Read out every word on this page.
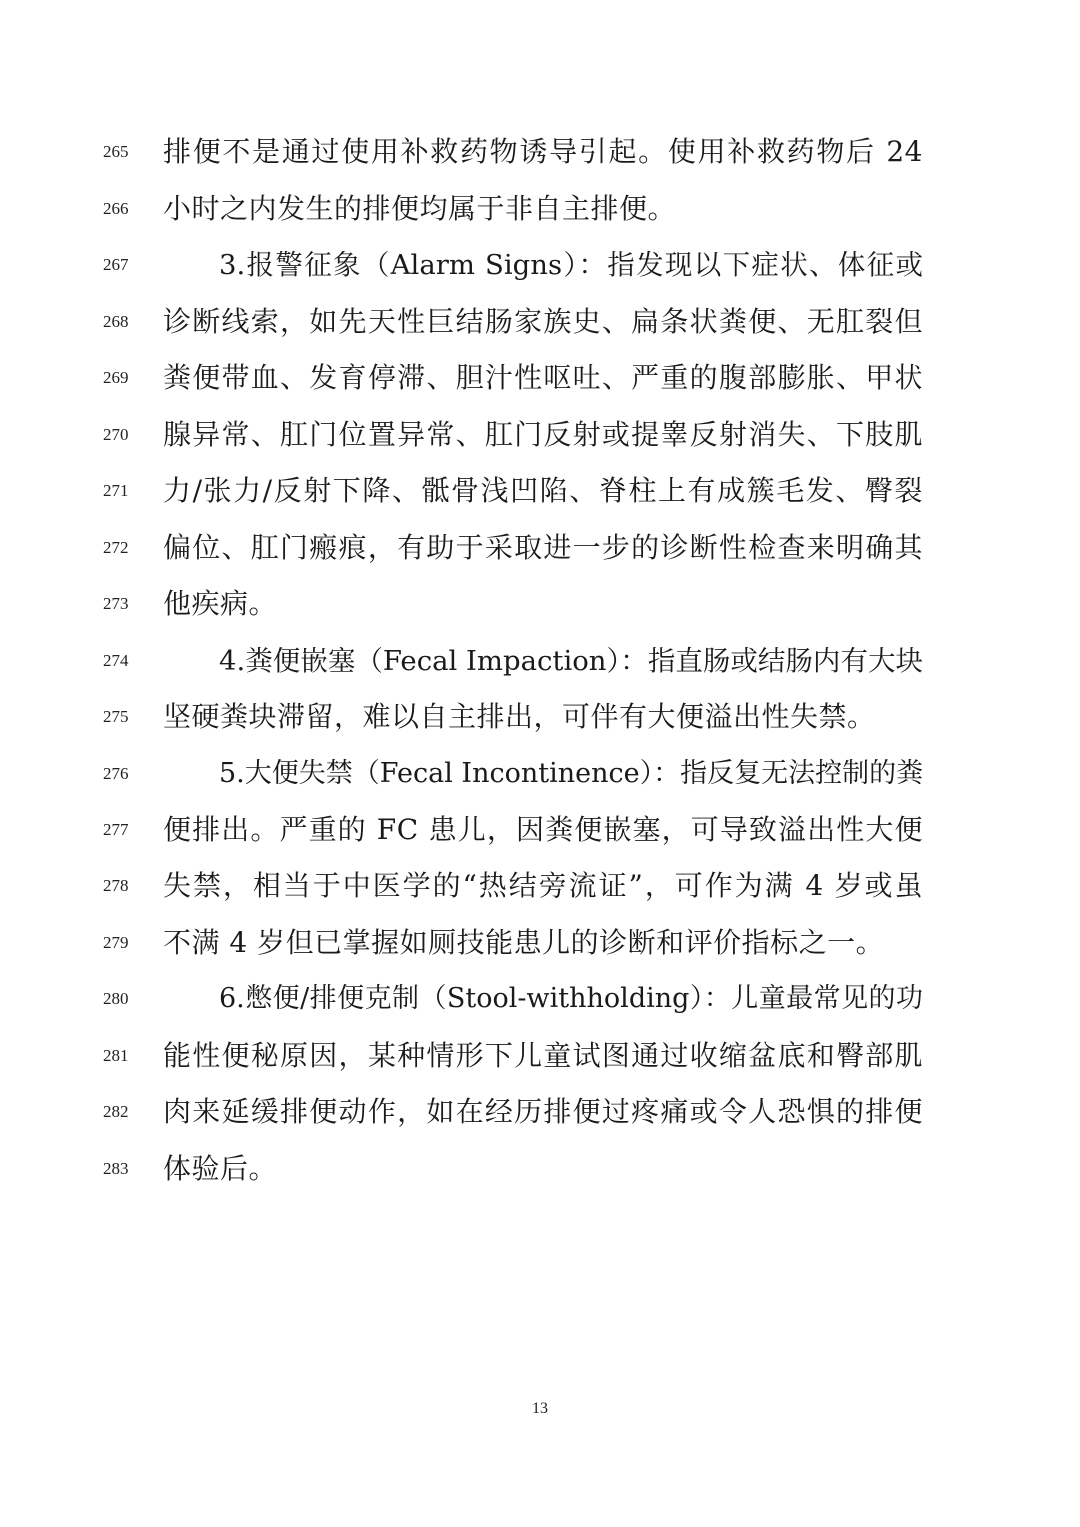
265	排便不是通过使用补救药物诱导引起。使用补救药物后 24
266	小时之内发生的排便均属于非自主排便。
267	3.报警征象（Alarm Signs）：指发现以下症状、体征或
268	诊断线索，如先天性巨结肠家族史、扁条状粪便、无肛裂但
269	粪便带血、发育停滞、胆汁性呕吐、严重的腹部膨胀、甲状
270	腺异常、肛门位置异常、肛门反射或提睾反射消失、下肢肌
271	力/张力/反射下降、骶骨浅凹陷、脊柱上有成簇毛发、臀裂
272	偏位、肛门瘢痕，有助于采取进一步的诊断性检查来明确其
273	他疾病。
274	4.粪便嵌塞（Fecal Impaction）：指直肠或结肠内有大块
275	坚硬粪块滞留，难以自主排出，可伴有大便溢出性失禁。
276	5.大便失禁（Fecal Incontinence）：指反复无法控制的粪
277	便排出。严重的 FC 患儿，因粪便嵌塞，可导致溢出性大便
278	失禁，相当于中医学的“热结旁流证”，可作为满 4 岁或虽
279	不满 4 岁但已掌握如厕技能患儿的诊断和评价指标之一。
280	6.憋便/排便克制（Stool-withholding）：儿童最常见的功
281	能性便秘原因，某种情形下儿童试图通过收缩盆底和臀部肌
282	肉来延缓排便动作，如在经历排便过疼痛或令人恐惧的排便
283	体验后。
13
